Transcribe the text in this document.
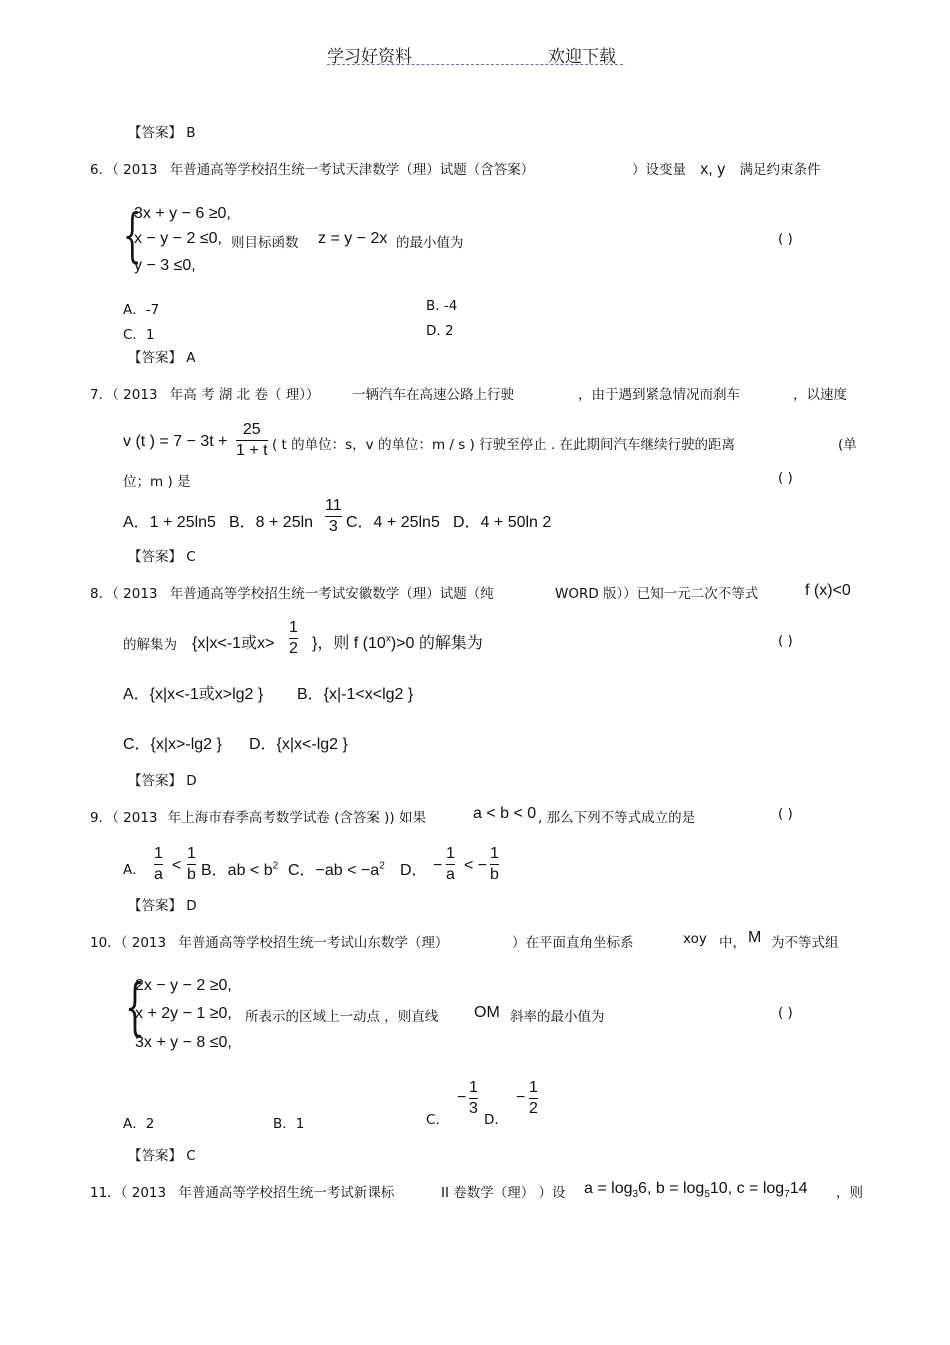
学习好资料	欢迎下载
【答案】 B
6．（ 2013 年普通高等学校招生统一考试天津数学（理）试题（含答案）	）设变量 x, y 满足约束条件
{
3x + y − 6 ≥0,
x − y − 2 ≤0, 则目标函数 z = y − 2x 的最小值为
y − 3 ≤0,
( )
A．-7	B. -4
C．1	D. 2
【答案】 A
7．（ 2013 年高 考 湖 北 卷（ 理）） 一辆汽车在高速公路上行驶	，由于遇到紧急情况而刹车	，以速度
v (t ) = 7 − 3t +
25
1 + t ( t 的单位：s，v 的单位：m / s ) 行驶至停止 . 在此期间汽车继续行驶的距离	(单
位；m ) 是	( )
A．1 + 25ln5 B．8 + 25ln
11
3 C．4 + 25ln5 D．4 + 50ln 2
【答案】 C
8．（ 2013 年普通高等学校招生统一考试安徽数学（理）试题（纯	WORD 版））已知一元二次不等式	f (x)<0
的解集为 {x|x<-1或x>
1
2 }，则 f $(10^x)>0$ 的解集为	( )
A．{x|x<-1或x>lg2 } B．{x|-1<x<lg2 }
C．{x|x>-lg2 } D．{x|x<-lg2 }
【答案】 D
9．（ 2013 年上海市春季高考数学试卷 (含答案 )) 如果	a < b < 0 , 那么下列不等式成立的是	( )
A．
1
a
<
1
b B．ab < $b^2$ C．$-ab < -a^2$ D． −
1
a
< −
1
b
【答案】 D
10．（ 2013 年普通高等学校招生统一考试山东数学（理）	）在平面直角坐标系	xoy 中， M 为不等式组
{
2x − y − 2 ≥0,
x + 2y − 1 ≥0, 所表示的区域上一动点 ，则直线 OM 斜率的最小值为
3x + y − 8 ≤0,
( )
A．2	B．1	C.
−
1
3
D.
−
1
2
【答案】 C
11．（ 2013 年普通高等学校招生统一考试新课标	II 卷数学（理） ）设 $a = \log_36$, $b = \log_510$, $c = \log_714$ ，则
